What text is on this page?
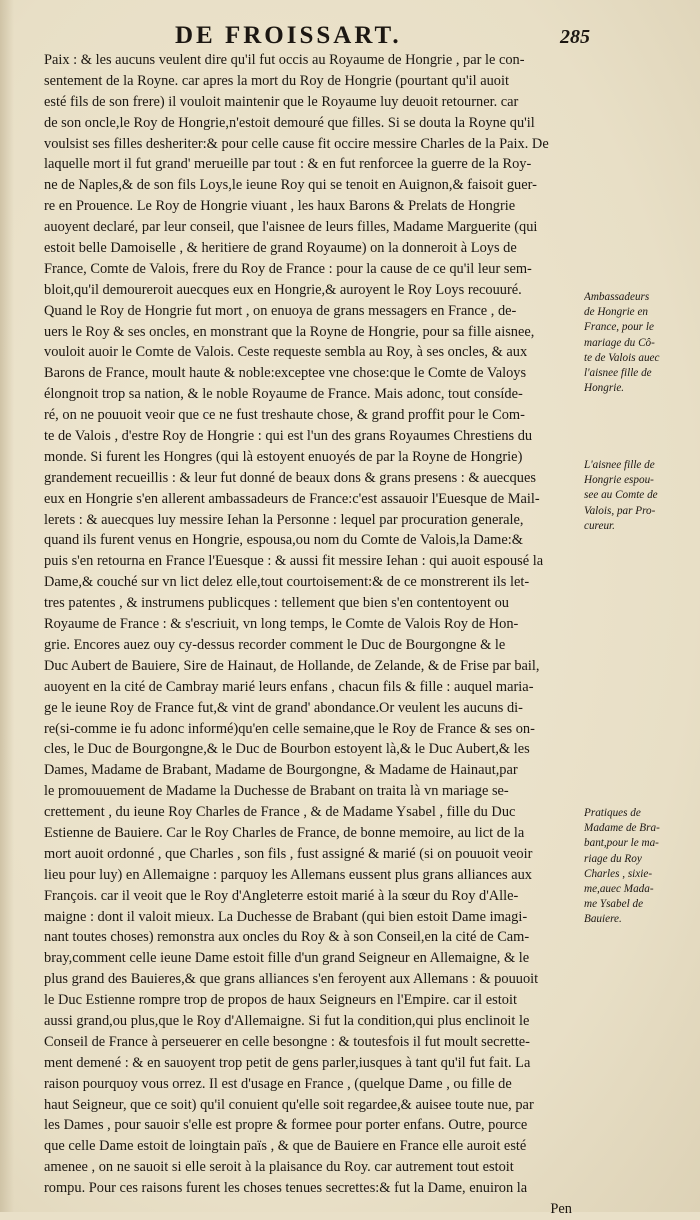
DE FROISSART.	285
Paix : & les aucuns veulent dire qu'il fut occis au Royaume de Hongrie , par le con-
sentement de la Royne. car apres la mort du Roy de Hongrie (pourtant qu'il auoit
esté fils de son frere) il vouloit maintenir que le Royaume luy deuoit retourner. car
de son oncle,le Roy de Hongrie,n'estoit demouré que filles. Si se douta la Royne qu'il
voulsist ses filles desheriter:& pour celle cause fit occire messire Charles de la Paix. De
laquelle mort il fut grand' merueille par tout : & en fut renforcee la guerre de la Roy-
ne de Naples,& de son fils Loys,le ieune Roy qui se tenoit en Auignon,& faisoit guer-
re en Prouence. Le Roy de Hongrie viuant , les haux Barons & Prelats de Hongrie
auoyent declaré, par leur conseil, que l'aisnee de leurs filles, Madame Marguerite (qui
estoit belle Damoiselle , & heritiere de grand Royaume) on la donneroit à Loys de
France, Comte de Valois, frere du Roy de France : pour la cause de ce qu'il leur sem-
bloit,qu'il demoureroit auecques eux en Hongrie,& auroyent le Roy Loys recouuré.
Quand le Roy de Hongrie fut mort , on enuoya de grans messagers en France , de-
uers le Roy & ses oncles, en monstrant que la Royne de Hongrie, pour sa fille aisnee,
vouloit auoir le Comte de Valois. Ceste requeste sembla au Roy, à ses oncles, & aux
Barons de France, moult haute & noble:exceptee vne chose:que le Comte de Valoys
élongnoit trop sa nation, & le noble Royaume de France. Mais adonc, tout consíde-
ré, on ne pouuoit veoir que ce ne fust treshaute chose, & grand proffit pour le Com-
te de Valois , d'estre Roy de Hongrie : qui est l'un des grans Royaumes Chrestiens du
monde. Si furent les Hongres (qui là estoyent enuoyés de par la Royne de Hongrie)
grandement recueillis : & leur fut donné de beaux dons & grans presens : & auecques
eux en Hongrie s'en allerent ambassadeurs de France:c'est assauoir l'Euesque de Mail-
lerets : & auecques luy messire Iehan la Personne : lequel par procuration generale,
quand ils furent venus en Hongrie, espousa,ou nom du Comte de Valois,la Dame:&
puis s'en retourna en France l'Euesque : & aussi fit messire Iehan : qui auoit espousé la
Dame,& couché sur vn lict delez elle,tout courtoisement:& de ce monstrerent ils let-
tres patentes , & instrumens publicques : tellement que bien s'en contentoyent ou
Royaume de France : & s'escriuit, vn long temps, le Comte de Valois Roy de Hon-
grie. Encores auez ouy cy-dessus recorder comment le Duc de Bourgongne & le
Duc Aubert de Bauiere, Sire de Hainaut, de Hollande, de Zelande, & de Frise par bail,
auoyent en la cité de Cambray marié leurs enfans , chacun fils & fille : auquel maria-
ge le ieune Roy de France fut,& vint de grand' abondance.Or veulent les aucuns di-
re(si-comme ie fu adonc informé)qu'en celle semaine,que le Roy de France & ses on-
cles, le Duc de Bourgongne,& le Duc de Bourbon estoyent là,& le Duc Aubert,& les
Dames, Madame de Brabant, Madame de Bourgongne, & Madame de Hainaut,par
le promouuement de Madame la Duchesse de Brabant on traita là vn mariage se-
crettement , du ieune Roy Charles de France , & de Madame Ysabel , fille du Duc
Estienne de Bauiere. Car le Roy Charles de France, de bonne memoire, au lict de la
mort auoit ordonné , que Charles , son fils , fust assigné & marié (si on pouuoit veoir
lieu pour luy) en Allemaigne : parquoy les Allemans eussent plus grans alliances aux
François. car il veoit que le Roy d'Angleterre estoit marié à la sœur du Roy d'Alle-
maigne : dont il valoit mieux. La Duchesse de Brabant (qui bien estoit Dame imagi-
nant toutes choses) remonstra aux oncles du Roy & à son Conseil,en la cité de Cam-
bray,comment celle ieune Dame estoit fille d'un grand Seigneur en Allemaigne, & le
plus grand des Bauieres,& que grans alliances s'en feroyent aux Allemans : & pouuoit
le Duc Estienne rompre trop de propos de haux Seigneurs en l'Empire. car il estoit
aussi grand,ou plus,que le Roy d'Allemaigne. Si fut la condition,qui plus enclinoit le
Conseil de France à perseuerer en celle besongne : & toutesfois il fut moult secrette-
ment demené : & en sauoyent trop petit de gens parler,iusques à tant qu'il fut fait. La
raison pourquoy vous orrez. Il est d'usage en France , (quelque Dame , ou fille de
haut Seigneur, que ce soit) qu'il conuient qu'elle soit regardee,& auisee toute nue, par
les Dames , pour sauoir s'elle est propre & formee pour porter enfans. Outre, pource
que celle Dame estoit de loingtain païs , & que de Bauiere en France elle auroit esté
amenee , on ne sauoit si elle seroit à la plaisance du Roy. car autrement tout estoit
rompu. Pour ces raisons furent les choses tenues secrettes:& fut la Dame, enuiron la
Pen
Ambassadeurs
de Hongrie en
France, pour le
mariage du Cô-
te de Valois auec
l'aisnee fille de
Hongrie.
L'aisnee fille de
Hongrie espou-
see au Comte de
Valois, par Pro-
cureur.
Pratiques de
Madame de Bra-
bant,pour le ma-
riage du Roy
Charles , sixie-
me,auec Mada-
me Ysabel de
Bauiere.
